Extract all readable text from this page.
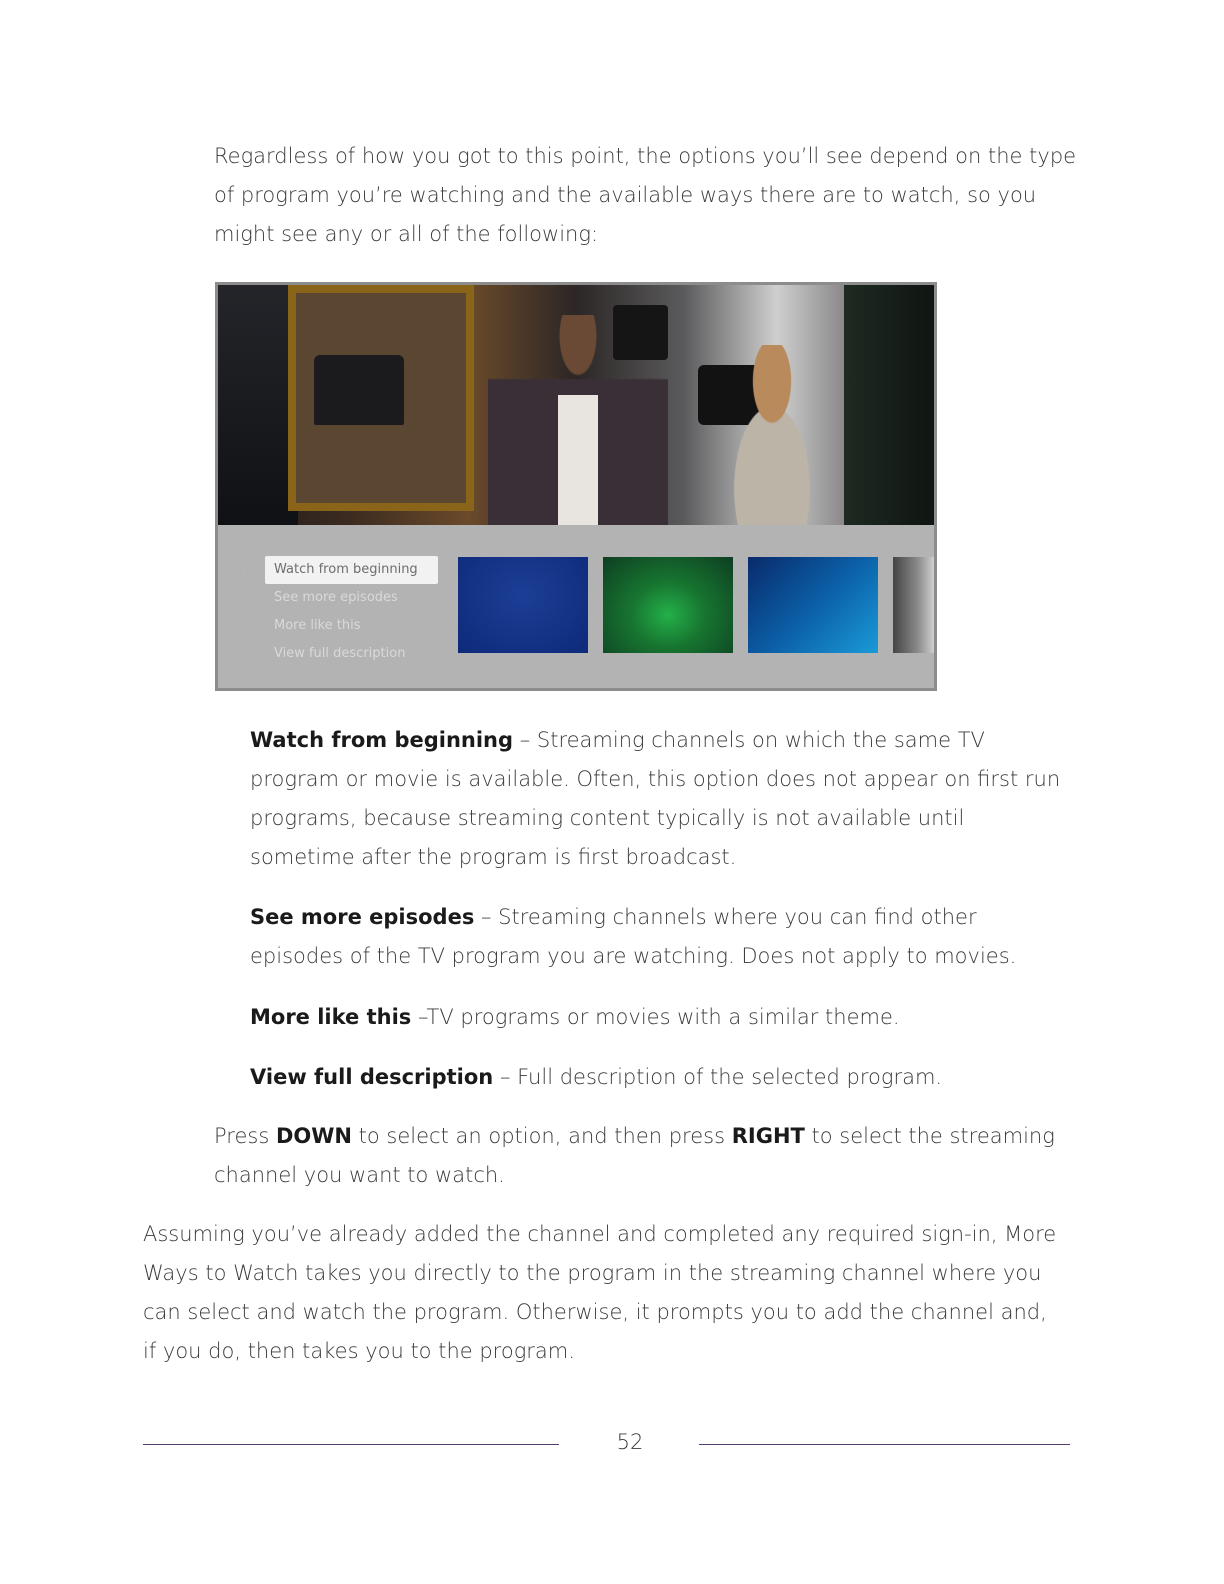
Regardless of how you got to this point, the options you’ll see depend on the type of program you’re watching and the available ways there are to watch, so you might see any or all of the following:

‹	Watch from beginning
See more episodes
More like this
View full description

Watch from beginning – Streaming channels on which the same TV program or movie is available. Often, this option does not appear on first run programs, because streaming content typically is not available until sometime after the program is first broadcast.

See more episodes – Streaming channels where you can find other episodes of the TV program you are watching. Does not apply to movies.

More like this –TV programs or movies with a similar theme.

View full description – Full description of the selected program.

Press DOWN to select an option, and then press RIGHT to select the streaming channel you want to watch.

Assuming you’ve already added the channel and completed any required sign-in, More Ways to Watch takes you directly to the program in the streaming channel where you can select and watch the program. Otherwise, it prompts you to add the channel and, if you do, then takes you to the program.

52
